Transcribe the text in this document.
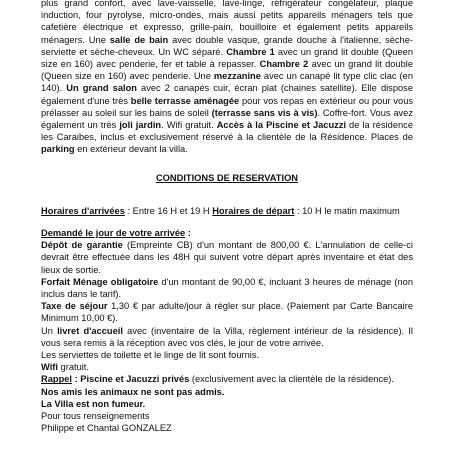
plus grand confort, avec lave-vaisselle, lave-linge, réfrigérateur congélateur, plaque induction, four pyrolyse, micro-ondes, mais aussi petits appareils ménagers tels que cafetière électrique et expresso, grille-pain, bouilloire et également petits appareils ménagers. Une salle de bain avec double vasque, grande douche à l'italienne, sèche-serviette et sèche-cheveux. Un WC séparé. Chambre 1 avec un grand lit double (Queen size en 160) avec penderie, fer et table à repasser. Chambre 2 avec un grand lit double (Queen size en 160) avec penderie. Une mezzanine avec un canapé lit type clic clac (en 140). Un grand salon avec 2 canapés cuir, écran plat (chaines satellite). Elle dispose également d'une très belle terrasse aménagée pour vos repas en extérieur ou pour vous prélasser au soleil sur les bains de soleil (terrasse sans vis à vis). Coffre-fort. Vous avez également un très joli jardin. Wifi gratuit. Accès à la Piscine et Jacuzzi de la résidence les Caraibes, inclus et exclusivement réservé à la clientèle de la Résidence. Places de parking en extérieur devant la villa.

CONDITIONS DE RESERVATION

Horaires d'arrivées : Entre 16 H et 19 H Horaires de départ : 10 H le matin maximum

Demandé le jour de votre arrivée :

Dépôt de garantie (Empreinte CB) d'un montant de 800,00 €. L'annulation de celle-ci devrait être effectuée dans les 48H qui suivent votre départ après inventaire et état des lieux de sortie.

Forfait Ménage obligatoire d'un montant de 90,00 €, incluant 3 heures de ménage (non inclus dans le tarif).

Taxe de séjour 1,30 € par adulte/jour à régler sur place. (Paiement par Carte Bancaire Minimum 10,00 €).

Un livret d'accueil avec (inventaire de la Villa, règlement intérieur de la résidence). Il vous sera remis à la réception avec vos clés, le jour de votre arrivée.

Les serviettes de toilette et le linge de lit sont fournis.

Wifi gratuit.

Rappel : Piscine et Jacuzzi privés (exclusivement avec la clientèle de la résidence).

Nos amis les animaux ne sont pas admis.

La Villa est non fumeur.

Pour tous renseignements

Philippe et Chantal GONZALEZ
